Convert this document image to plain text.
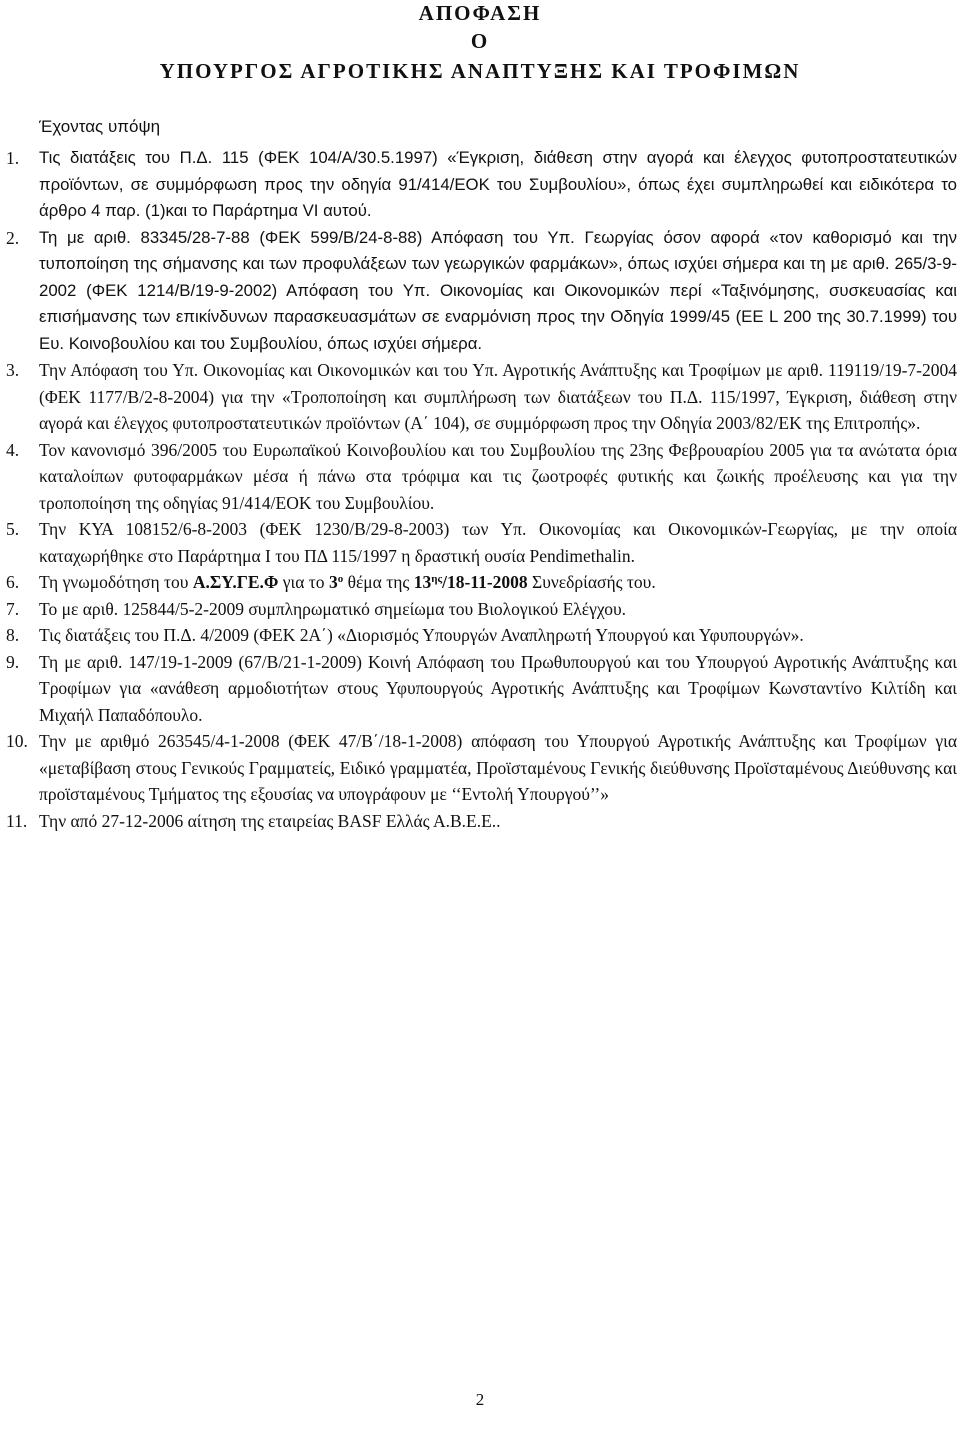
ΑΠΟΦΑΣΗ
Ο
ΥΠΟΥΡΓΟΣ ΑΓΡΟΤΙΚΗΣ ΑΝΑΠΤΥΞΗΣ ΚΑΙ ΤΡΟΦΙΜΩΝ
Έχοντας υπόψη
1.	Τις διατάξεις του Π.Δ. 115 (ΦΕΚ 104/Α/30.5.1997) «Έγκριση, διάθεση στην αγορά και έλεγχος φυτοπροστατευτικών προϊόντων, σε συμμόρφωση προς την οδηγία 91/414/ΕΟΚ του Συμβουλίου», όπως έχει συμπληρωθεί και ειδικότερα το άρθρο 4 παρ. (1)και το Παράρτημα VI αυτού.
2.	Τη με αριθ. 83345/28-7-88 (ΦΕΚ 599/Β/24-8-88) Απόφαση του Υπ. Γεωργίας όσον αφορά «τον καθορισμό και την τυποποίηση της σήμανσης και των προφυλάξεων των γεωργικών φαρμάκων», όπως ισχύει σήμερα και τη με αριθ. 265/3-9-2002 (ΦΕΚ 1214/Β/19-9-2002) Απόφαση του Υπ. Οικονομίας και Οικονομικών περί «Ταξινόμησης, συσκευασίας και επισήμανσης των επικίνδυνων παρασκευασμάτων σε εναρμόνιση προς την Οδηγία 1999/45 (ΕΕ L 200 της 30.7.1999) του Ευ. Κοινοβουλίου και του Συμβουλίου, όπως ισχύει σήμερα.
3.	Την Απόφαση του Υπ. Οικονομίας και Οικονομικών και του Υπ. Αγροτικής Ανάπτυξης και Τροφίμων με αριθ. 119119/19-7-2004 (ΦΕΚ 1177/Β/2-8-2004) για την «Τροποποίηση και συμπλήρωση των διατάξεων του Π.Δ. 115/1997, Έγκριση, διάθεση στην αγορά και έλεγχος φυτοπροστατευτικών προϊόντων (Α΄ 104), σε συμμόρφωση προς την Οδηγία 2003/82/ΕΚ της Επιτροπής».
4.	Τον κανονισμό 396/2005 του Ευρωπαϊκού Κοινοβουλίου και του Συμβουλίου της 23ης Φεβρουαρίου 2005 για τα ανώτατα όρια καταλοίπων φυτοφαρμάκων μέσα ή πάνω στα τρόφιμα και τις ζωοτροφές φυτικής και ζωικής προέλευσης και για την τροποποίηση της οδηγίας 91/414/ΕΟΚ του Συμβουλίου.
5.	Την ΚΥΑ 108152/6-8-2003 (ΦΕΚ 1230/Β/29-8-2003) των Υπ. Οικονομίας και Οικονομικών-Γεωργίας, με την οποία καταχωρήθηκε στο Παράρτημα Ι του ΠΔ 115/1997 η δραστική ουσία Pendimethalin.
6.	Τη γνωμοδότηση του Α.ΣΥ.ΓΕ.Φ για το $3^o$ θέμα της $13^{\eta\varsigma}/18-11-2008$ Συνεδρίασής του.
7.	Το με αριθ. 125844/5-2-2009 συμπληρωματικό σημείωμα του Βιολογικού Ελέγχου.
8.	Τις διατάξεις του Π.Δ. 4/2009 (ΦΕΚ 2Α΄) «Διορισμός Υπουργών Αναπληρωτή Υπουργού και Υφυπουργών».
9.	Τη με αριθ. 147/19-1-2009 (67/Β/21-1-2009) Κοινή Απόφαση του Πρωθυπουργού και του Υπουργού Αγροτικής Ανάπτυξης και Τροφίμων για «ανάθεση αρμοδιοτήτων στους Υφυπουργούς Αγροτικής Ανάπτυξης και Τροφίμων Κωνσταντίνο Κιλτίδη και Μιχαήλ Παπαδόπουλο.
10. Την με αριθμό 263545/4-1-2008 (ΦΕΚ 47/Β΄/18-1-2008) απόφαση του Υπουργού Αγροτικής Ανάπτυξης και Τροφίμων για «μεταβίβαση στους Γενικούς Γραμματείς, Ειδικό γραμματέα, Προϊσταμένους Γενικής διεύθυνσης Προϊσταμένους Διεύθυνσης και προϊσταμένους Τμήματος της εξουσίας να υπογράφουν με ‘‘Εντολή Υπουργού’’»
11. Την από 27-12-2006 αίτηση της εταιρείας BASF Ελλάς Α.Β.Ε.Ε..
2
